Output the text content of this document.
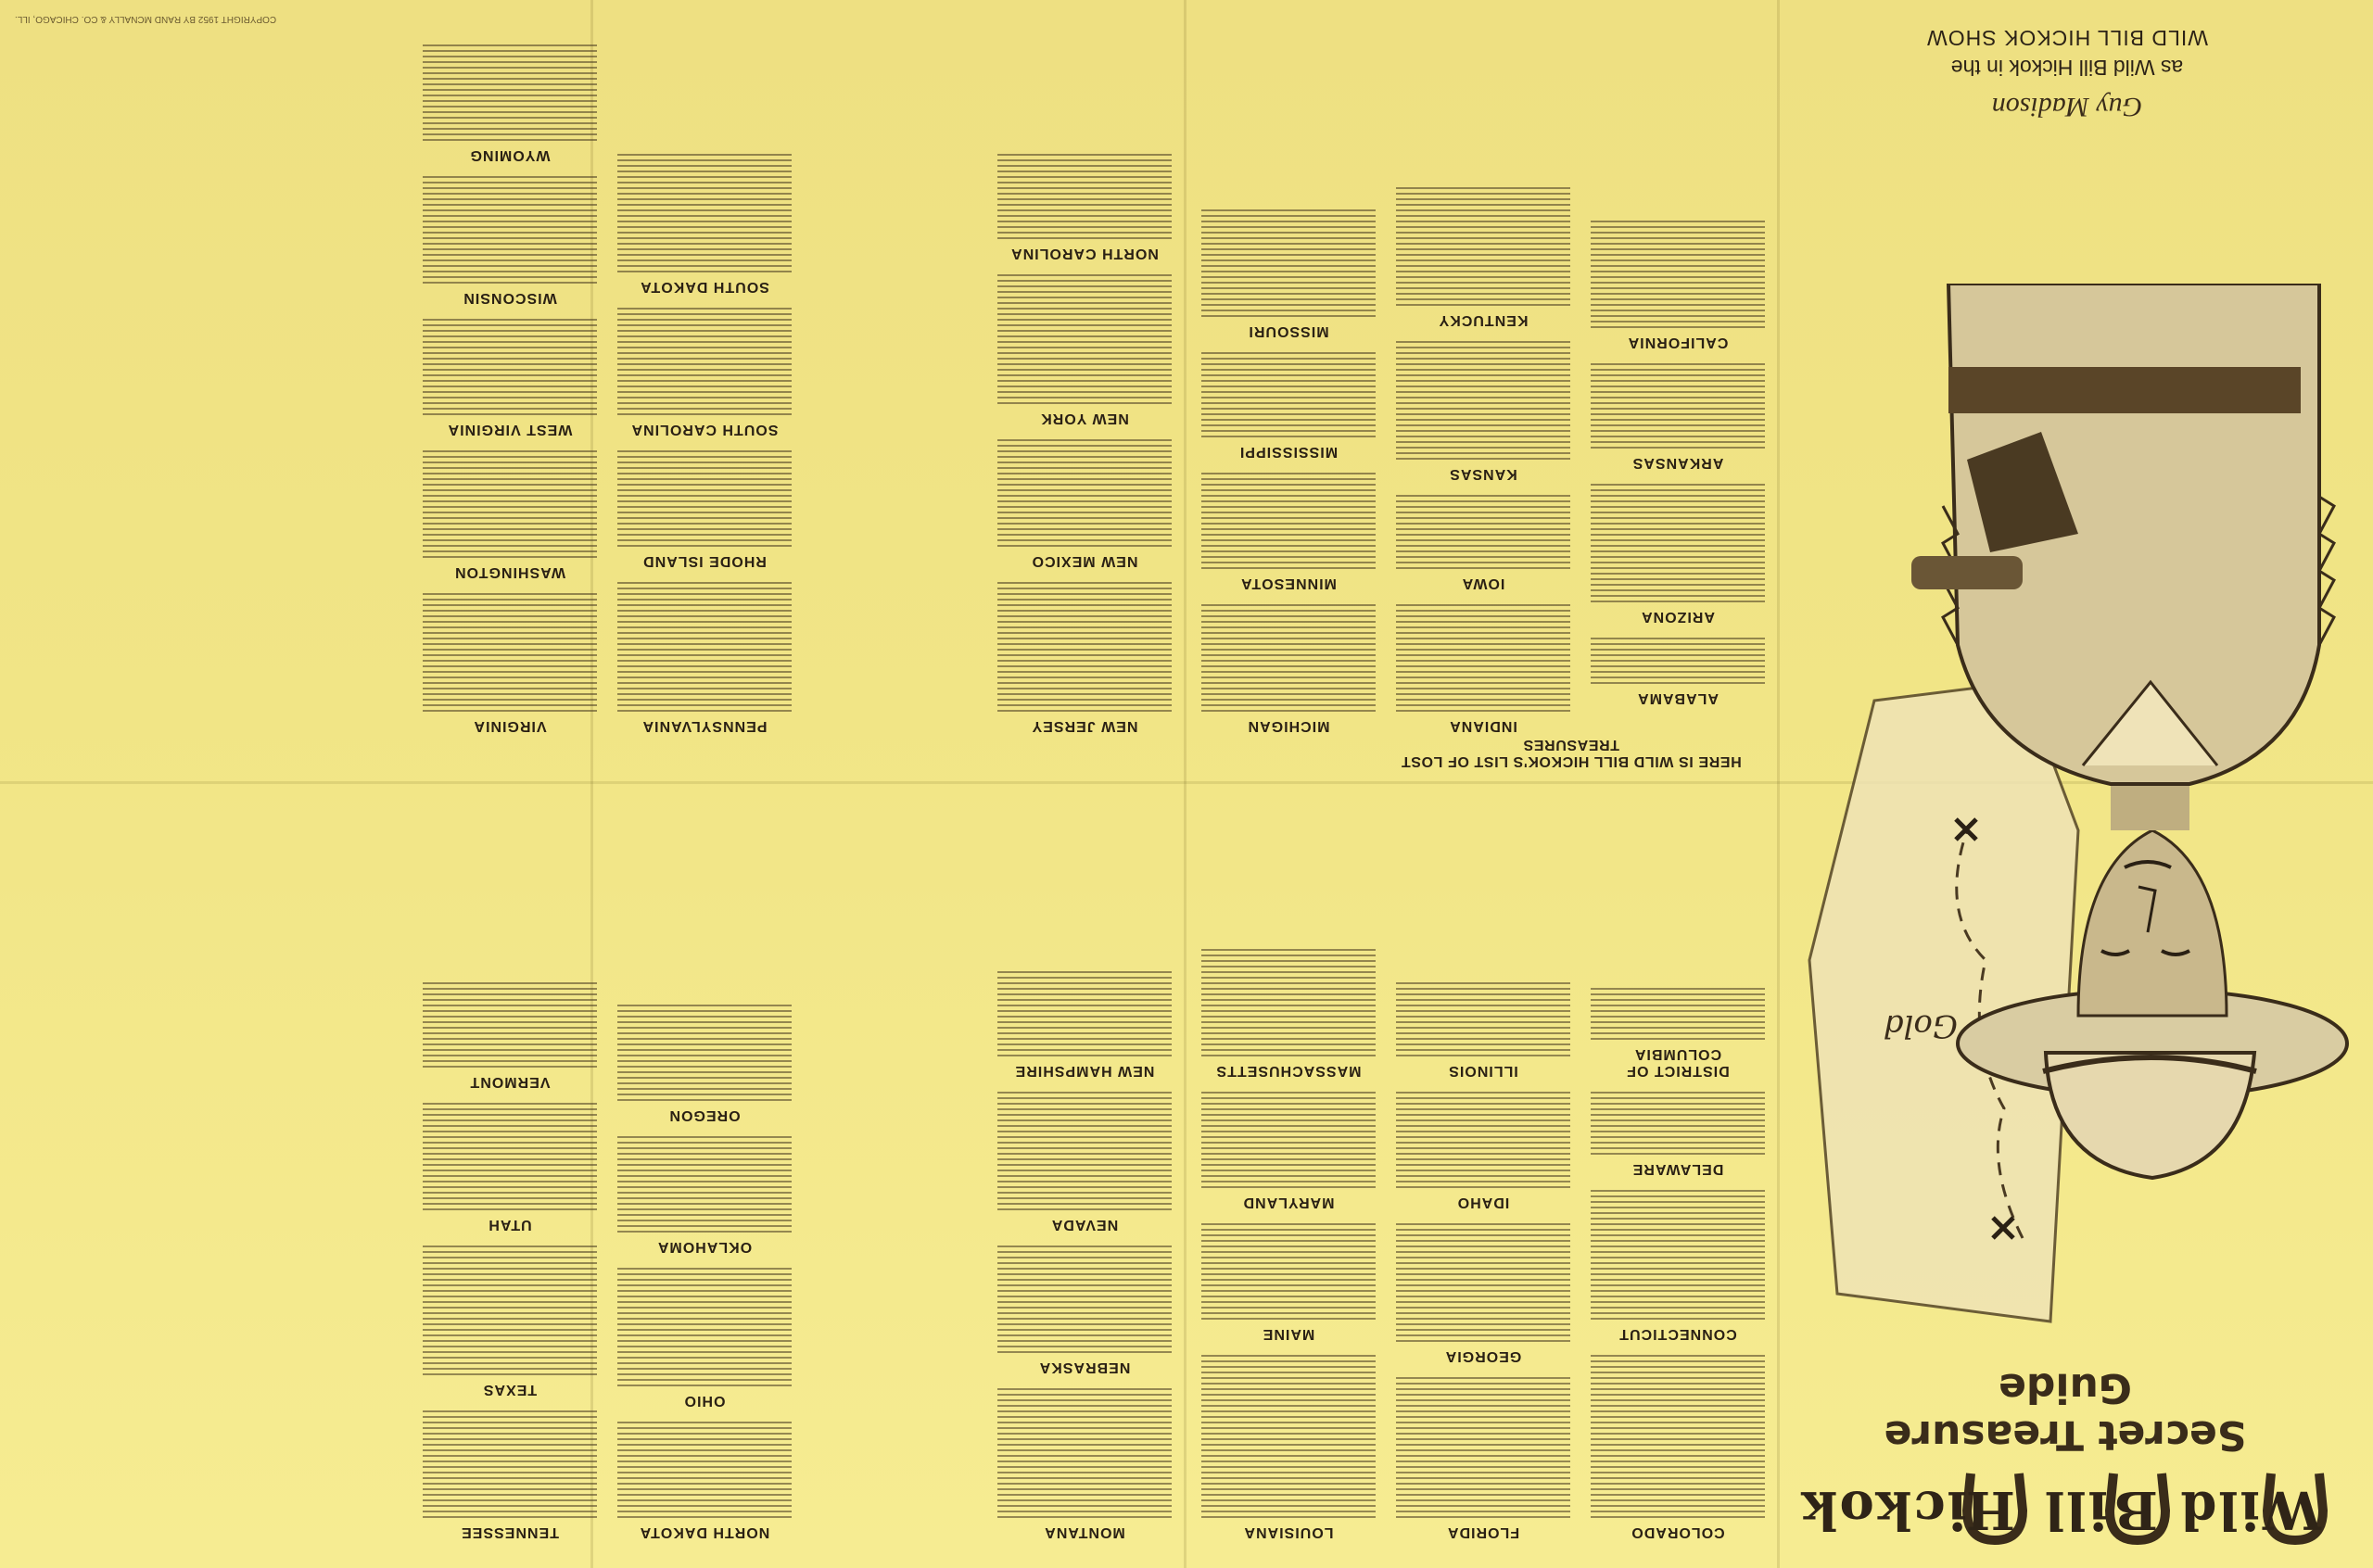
W
ild
B
ill
H
ickok
Secret Treasure Guide
Gold
Guy Madison
as Wild Bill Hickok in the
WILD BILL HICKOK SHOW
COPYRIGHT 1952 BY RAND MCNALLY & CO. CHICAGO, ILL.
HERE IS WILD BILL HICKOK'S LIST OF LOST TREASURES
ALABAMA
ARIZONA
ARKANSAS
CALIFORNIA
COLORADO
CONNECTICUT
DELAWARE
DISTRICT OF COLUMBIA
FLORIDA
GEORGIA
IDAHO
ILLINOIS
INDIANA
IOWA
KANSAS
KENTUCKY
LOUISIANA
MAINE
MARYLAND
MASSACHUSETTS
MICHIGAN
MINNESOTA
MISSISSIPPI
MISSOURI
MONTANA
NEBRASKA
NEVADA
NEW HAMPSHIRE
NEW JERSEY
NEW MEXICO
NEW YORK
NORTH CAROLINA
NORTH DAKOTA
OHIO
OKLAHOMA
OREGON
PENNSYLVANIA
RHODE ISLAND
SOUTH CAROLINA
SOUTH DAKOTA
TENNESSEE
TEXAS
UTAH
VERMONT
VIRGINIA
WASHINGTON
WEST VIRGINIA
WISCONSIN
WYOMING
